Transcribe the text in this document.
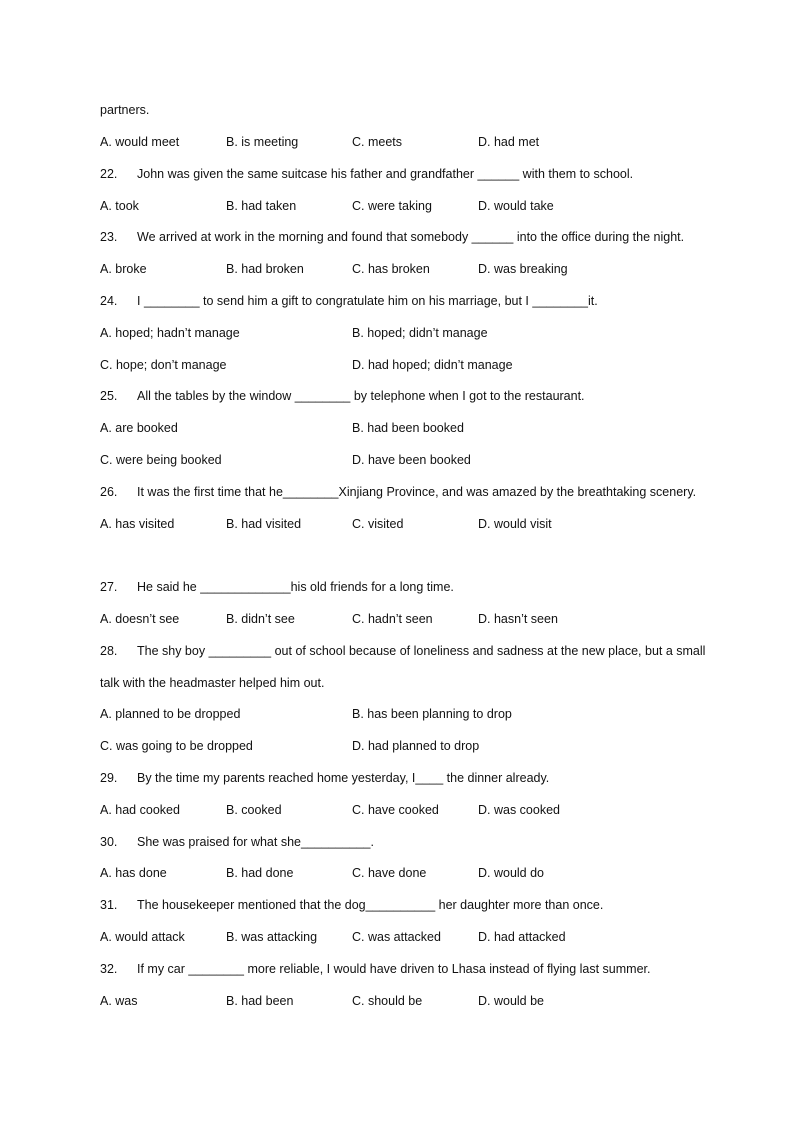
partners.
A. would meet	B. is meeting	C. meets	D. had met
22. John was given the same suitcase his father and grandfather ______ with them to school.
A. took	B. had taken	C. were taking	D. would take
23. We arrived at work in the morning and found that somebody ______ into the office during the night.
A. broke	B. had broken	C. has broken	D. was breaking
24. I ________ to send him a gift to congratulate him on his marriage, but I ________it.
A. hoped; hadn’t manage	B. hoped; didn’t manage
C. hope; don’t manage	D. had hoped; didn’t manage
25. All the tables by the window ________ by telephone when I got to the restaurant.
A. are booked	B. had been booked
C. were being booked	D. have been booked
26. It was the first time that he________Xinjiang Province, and was amazed by the breathtaking scenery.
A. has visited	B. had visited	C. visited	D. would visit
27. He said he _____________his old friends for a long time.
A. doesn’t see	B. didn’t see	C. hadn’t seen	D. hasn’t seen
28. The shy boy _________ out of school because of loneliness and sadness at the new place, but a small
talk with the headmaster helped him out.
A. planned to be dropped	B. has been planning to drop
C. was going to be dropped	D. had planned to drop
29. By the time my parents reached home yesterday, I____ the dinner already.
A. had cooked	B. cooked	C. have cooked	D. was cooked
30. She was praised for what she__________.
A. has done	B. had done	C. have done	D. would do
31. The housekeeper mentioned that the dog__________ her daughter more than once.
A. would attack	B. was attacking	C. was attacked	D. had attacked
32. If my car ________ more reliable, I would have driven to Lhasa instead of flying last summer.
A. was	B. had been	C. should be	D. would be
